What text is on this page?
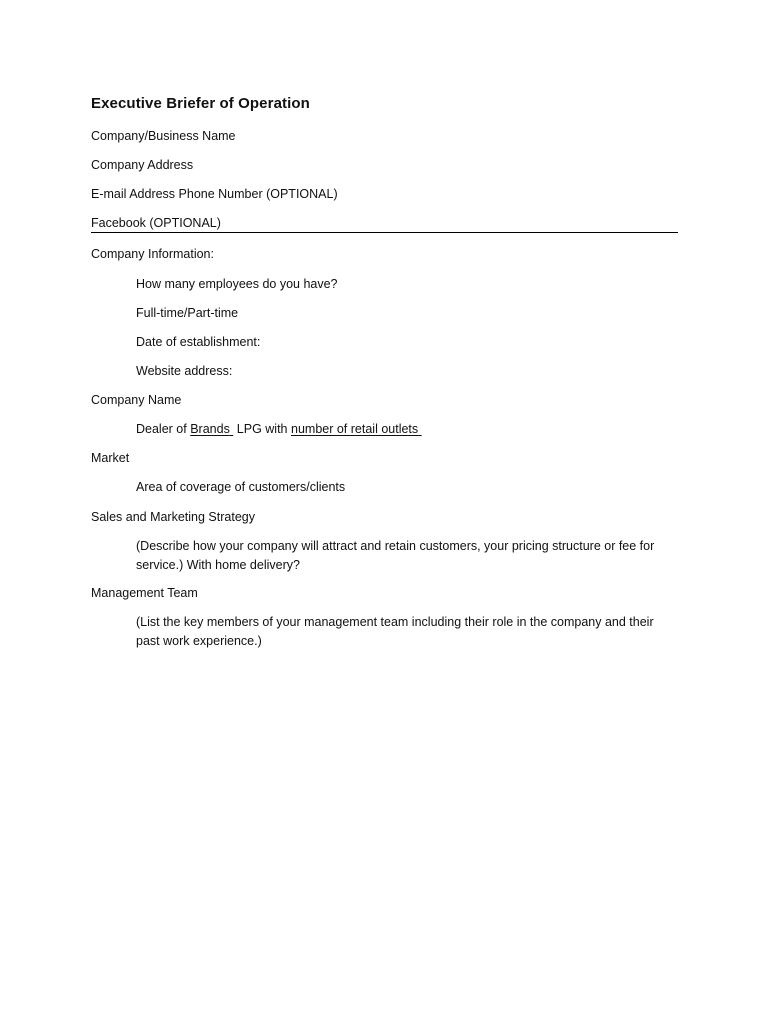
Executive Briefer of Operation
Company/Business Name
Company Address
E-mail Address Phone Number (OPTIONAL)
Facebook (OPTIONAL)
Company Information:
How many employees do you have?
Full-time/Part-time
Date of establishment:
Website address:
Company Name
Dealer of Brands LPG with number of retail outlets
Market
Area of coverage of customers/clients
Sales and Marketing Strategy
(Describe how your company will attract and retain customers, your pricing structure or fee for service.) With home delivery?
Management Team
(List the key members of your management team including their role in the company and their past work experience.)
